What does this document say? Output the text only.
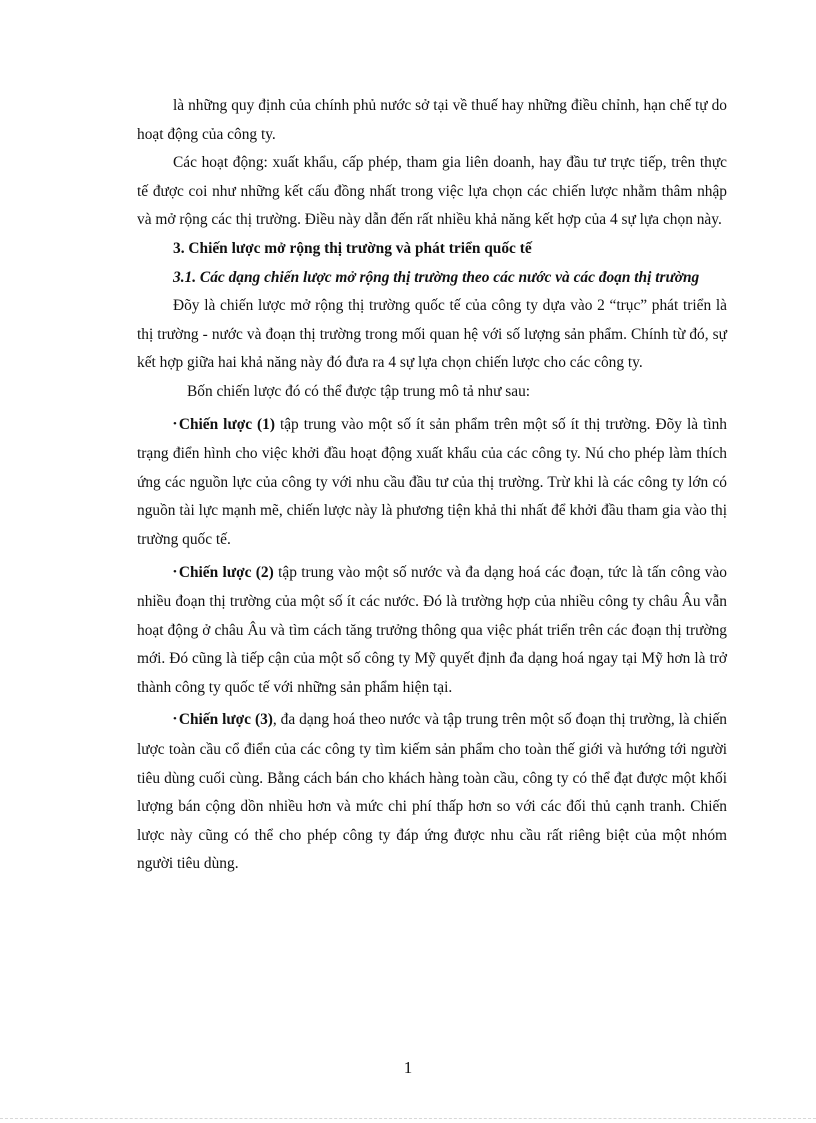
là những quy định của chính phủ nước sở tại về thuế hay những điều chỉnh, hạn chế tự do hoạt động của công ty.

Các hoạt động: xuất khẩu, cấp phép, tham gia liên doanh, hay đầu tư trực tiếp, trên thực tế được coi như những kết cấu đồng nhất trong việc lựa chọn các chiến lược nhằm thâm nhập và mở rộng các thị trường. Điều này dẫn đến rất nhiều khả năng kết hợp của 4 sự lựa chọn này.

3. Chiến lược mở rộng thị trường và phát triển quốc tế

3.1. Các dạng chiến lược mở rộng thị trường theo các nước và các đoạn thị trường

Đõy là chiến lược mở rộng thị trường quốc tế của công ty dựa vào 2 “trục” phát triển là thị trường - nước và đoạn thị trường trong mối quan hệ với số lượng sản phẩm. Chính từ đó, sự kết hợp giữa hai khả năng này đó đưa ra 4 sự lựa chọn chiến lược cho các công ty.

Bốn chiến lược đó có thể được tập trung mô tả như sau:

• Chiến lược (1) tập trung vào một số ít sản phẩm trên một số ít thị trường. Đõy là tình trạng điển hình cho việc khởi đầu hoạt động xuất khẩu của các công ty. Nú cho phép làm thích ứng các nguồn lực của công ty với nhu cầu đầu tư của thị trường. Trừ khi là các công ty lớn có nguồn tài lực mạnh mẽ, chiến lược này là phương tiện khả thi nhất để khởi đầu tham gia vào thị trường quốc tế.

• Chiến lược (2) tập trung vào một số nước và đa dạng hoá các đoạn, tức là tấn công vào nhiều đoạn thị trường của một số ít các nước. Đó là trường hợp của nhiều công ty châu Âu vẫn hoạt động ở châu Âu và tìm cách tăng trưởng thông qua việc phát triển trên các đoạn thị trường mới. Đó cũng là tiếp cận của một số công ty Mỹ quyết định đa dạng hoá ngay tại Mỹ hơn là trở thành công ty quốc tế với những sản phẩm hiện tại.

• Chiến lược (3), đa dạng hoá theo nước và tập trung trên một số đoạn thị trường, là chiến lược toàn cầu cổ điển của các công ty tìm kiếm sản phẩm cho toàn thế giới và hướng tới người tiêu dùng cuối cùng. Bằng cách bán cho khách hàng toàn cầu, công ty có thể đạt được một khối lượng bán cộng dồn nhiều hơn và mức chi phí thấp hơn so với các đối thủ cạnh tranh. Chiến lược này cũng có thể cho phép công ty đáp ứng được nhu cầu rất riêng biệt của một nhóm người tiêu dùng.

1
